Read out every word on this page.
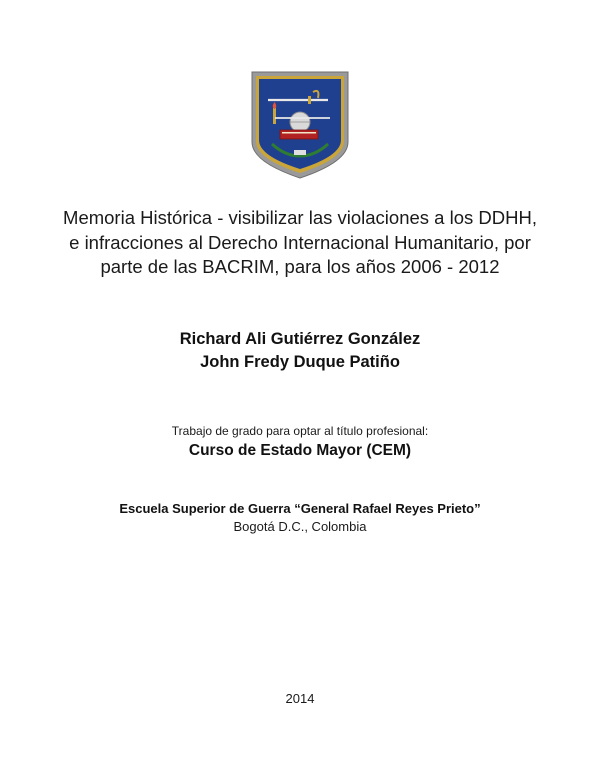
Memoria Histórica - visibilizar las violaciones a los DDHH, e infracciones al Derecho Internacional Humanitario, por parte de las BACRIM, para los años 2006 - 2012
Richard Ali Gutiérrez González
John Fredy Duque Patiño
Trabajo de grado para optar al título profesional:
Curso de Estado Mayor (CEM)
Escuela Superior de Guerra “General Rafael Reyes Prieto”
Bogotá D.C., Colombia
2014
